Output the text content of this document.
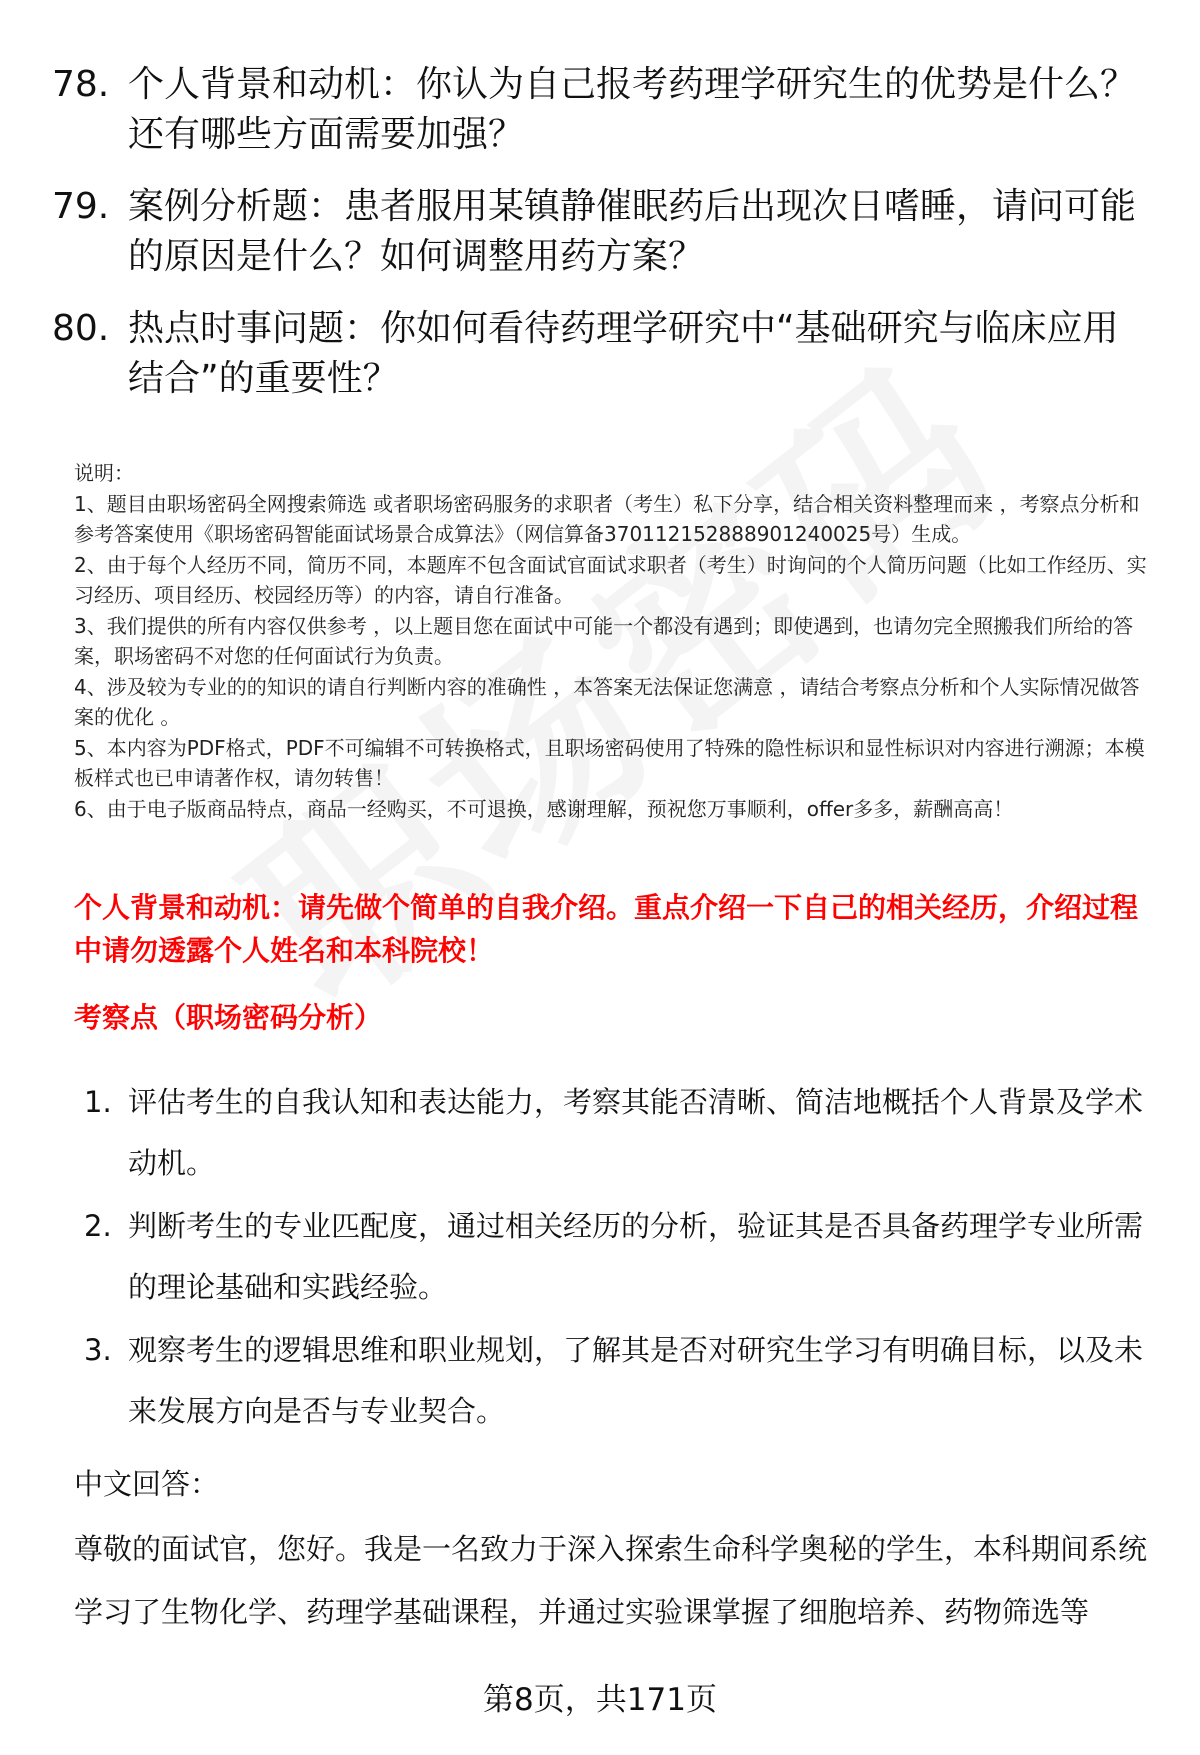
78. 个人背景和动机：你认为自己报考药理学研究生的优势是什么？还有哪些方面需要加强？
79. 案例分析题：患者服用某镇静催眠药后出现次日嗜睡，请问可能的原因是什么？如何调整用药方案？
80. 热点时事问题：你如何看待药理学研究中“基础研究与临床应用结合”的重要性？

说明：

1、题目由职场密码全网搜索筛选 或者职场密码服务的求职者（考生）私下分享，结合相关资料整理而来 ，考察点分析和参考答案使用《职场密码智能面试场景合成算法》（网信算备370112152888901240025号）生成。

2、由于每个人经历不同，简历不同，本题库不包含面试官面试求职者（考生）时询问的个人简历问题（比如工作经历、实习经历、项目经历、校园经历等）的内容，请自行准备。

3、我们提供的所有内容仅供参考 ，以上题目您在面试中可能一个都没有遇到；即使遇到，也请勿完全照搬我们所给的答案，职场密码不对您的任何面试行为负责。

4、涉及较为专业的的知识的请自行判断内容的准确性 ，本答案无法保证您满意 ，请结合考察点分析和个人实际情况做答案的优化 。

5、本内容为PDF格式，PDF不可编辑不可转换格式，且职场密码使用了特殊的隐性标识和显性标识对内容进行溯源；本模板样式也已申请著作权，请勿转售！

6、由于电子版商品特点，商品一经购买，不可退换，感谢理解，预祝您万事顺利，offer多多，薪酬高高！

个人背景和动机：请先做个简单的自我介绍。重点介绍一下自己的相关经历，介绍过程中请勿透露个人姓名和本科院校！
考察点（职场密码分析）
1. 评估考生的自我认知和表达能力，考察其能否清晰、简洁地概括个人背景及学术动机。
2. 判断考生的专业匹配度，通过相关经历的分析，验证其是否具备药理学专业所需的理论基础和实践经验。
3. 观察考生的逻辑思维和职业规划，了解其是否对研究生学习有明确目标，以及未来发展方向是否与专业契合。
中文回答：
尊敬的面试官，您好。我是一名致力于深入探索生命科学奥秘的学生，本科期间系统学习了生物化学、药理学基础课程，并通过实验课掌握了细胞培养、药物筛选等
第8页，共171页
